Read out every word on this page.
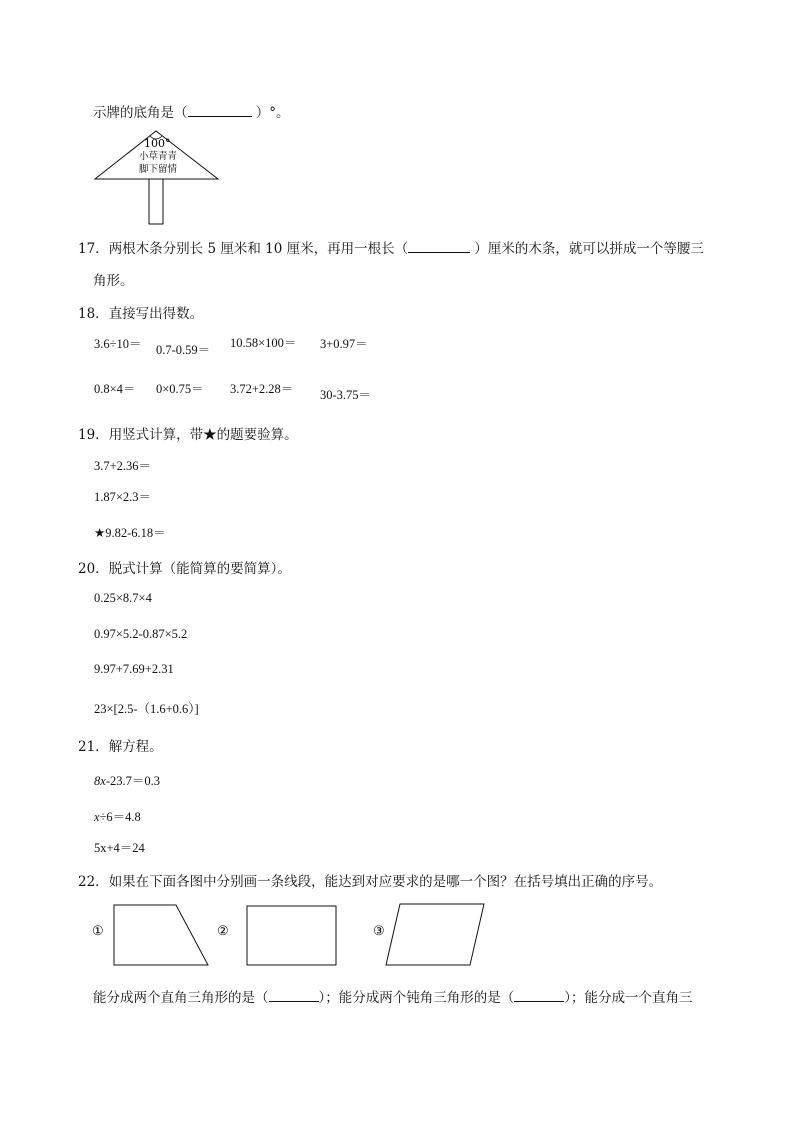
示牌的底角是（	）°。
100°
小草青青
脚下留情
17．两根木条分别长 5 厘米和 10 厘米，再用一根长（	）厘米的木条，就可以拼成一个等腰三
角形。
18．直接写出得数。
3.6÷10＝ 0.7-0.59＝ 10.58×100＝ 3+0.97＝
0.8×4＝ 0×0.75＝ 3.72+2.28＝ 30-3.75＝
19．用竖式计算，带★的题要验算。
3.7+2.36＝
1.87×2.3＝
★9.82-6.18＝
20．脱式计算（能简算的要简算）。
0.25×8.7×4
0.97×5.2-0.87×5.2
9.97+7.69+2.31
23×[2.5-（1.6+0.6）]
21．解方程。
8x-23.7＝0.3
x÷6＝4.8
5x+4＝24
22．如果在下面各图中分别画一条线段，能达到对应要求的是哪一个图？在括号填出正确的序号。
①	②	③
能分成两个直角三角形的是（	）；能分成两个钝角三角形的是（	）；能分成一个直角三
